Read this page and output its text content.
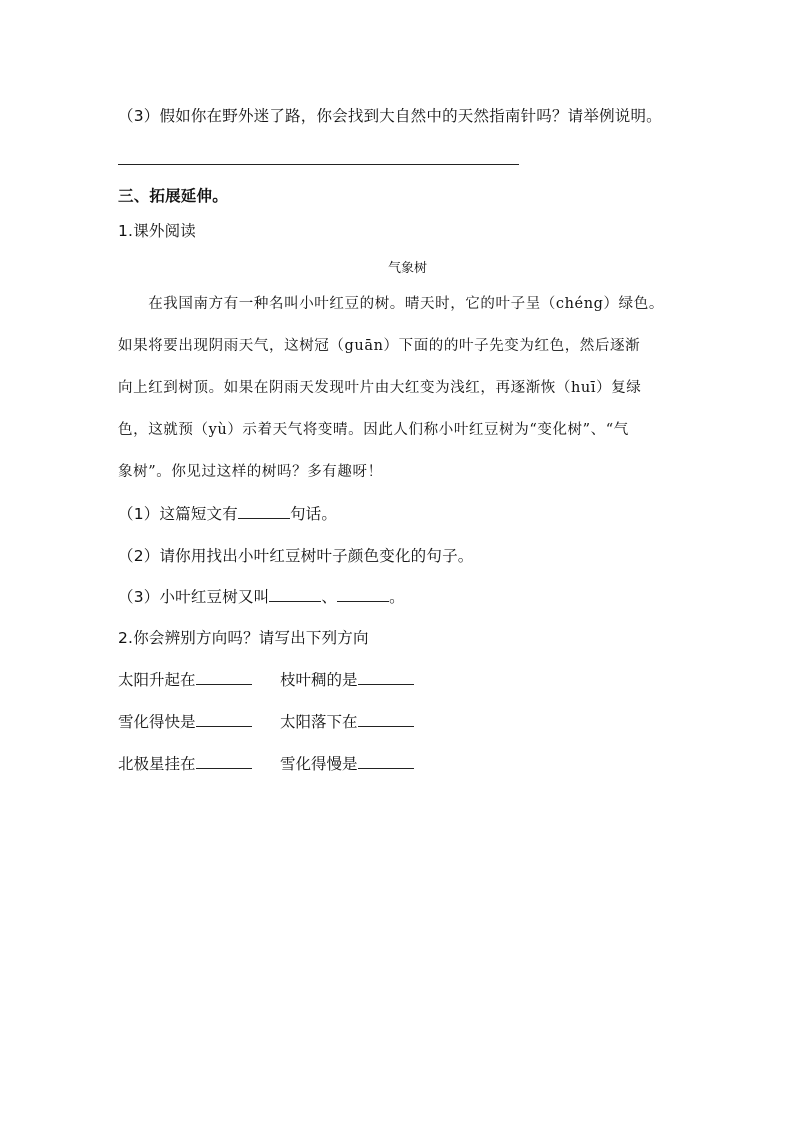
（3）假如你在野外迷了路，你会找到大自然中的天然指南针吗？请举例说明。
三、拓展延伸。
1.课外阅读
气象树
　　在我国南方有一种名叫小叶红豆的树。晴天时，它的叶子呈（chéng）绿色。
如果将要出现阴雨天气，这树冠（guān）下面的的叶子先变为红色，然后逐渐
向上红到树顶。如果在阴雨天发现叶片由大红变为浅红，再逐渐恢（huī）复绿
色，这就预（yù）示着天气将变晴。因此人们称小叶红豆树为“变化树”、“气
象树”。你见过这样的树吗？多有趣呀！
（1）这篇短文有	句话。
（2）请你用找出小叶红豆树叶子颜色变化的句子。
（3）小叶红豆树又叫	、	。
2.你会辨别方向吗？请写出下列方向
太阳升起在	枝叶稠的是
雪化得快是	太阳落下在
北极星挂在	雪化得慢是
